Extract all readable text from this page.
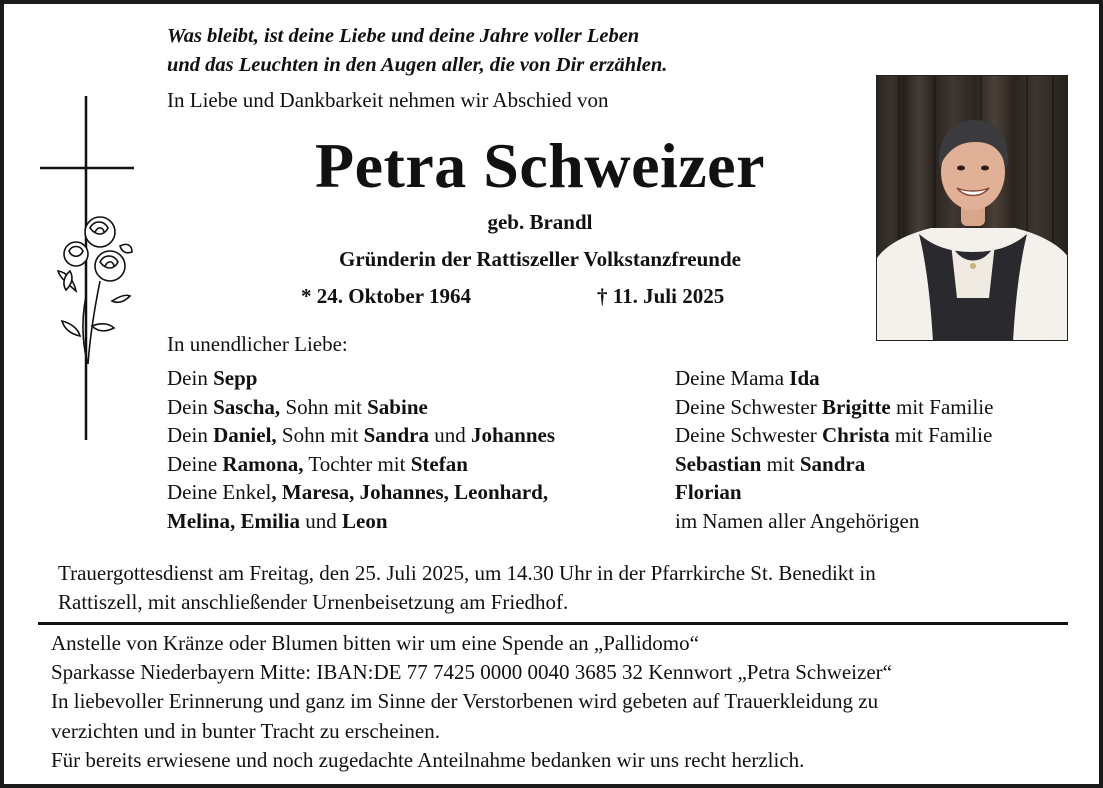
Was bleibt, ist deine Liebe und deine Jahre voller Leben
und das Leuchten in den Augen aller, die von Dir erzählen.
In Liebe und Dankbarkeit nehmen wir Abschied von
Petra Schweizer
geb. Brandl
Gründerin der Rattiszeller Volkstanzfreunde
* 24. Oktober 1964	† 11. Juli 2025
In unendlicher Liebe:
Dein Sepp
Dein Sascha, Sohn mit Sabine
Dein Daniel, Sohn mit Sandra und Johannes
Deine Ramona, Tochter mit Stefan
Deine Enkel, Maresa, Johannes, Leonhard,
Melina, Emilia und Leon
Deine Mama Ida
Deine Schwester Brigitte mit Familie
Deine Schwester Christa mit Familie
Sebastian mit Sandra
Florian
im Namen aller Angehörigen
Trauergottesdienst am Freitag, den 25. Juli 2025, um 14.30 Uhr in der Pfarrkirche St. Benedikt in
Rattiszell, mit anschließender Urnenbeisetzung am Friedhof.
Anstelle von Kränze oder Blumen bitten wir um eine Spende an „Pallidomo“
Sparkasse Niederbayern Mitte: IBAN:DE 77 7425 0000 0040 3685 32 Kennwort „Petra Schweizer“
In liebevoller Erinnerung und ganz im Sinne der Verstorbenen wird gebeten auf Trauerkleidung zu
verzichten und in bunter Tracht zu erscheinen.
Für bereits erwiesene und noch zugedachte Anteilnahme bedanken wir uns recht herzlich.
